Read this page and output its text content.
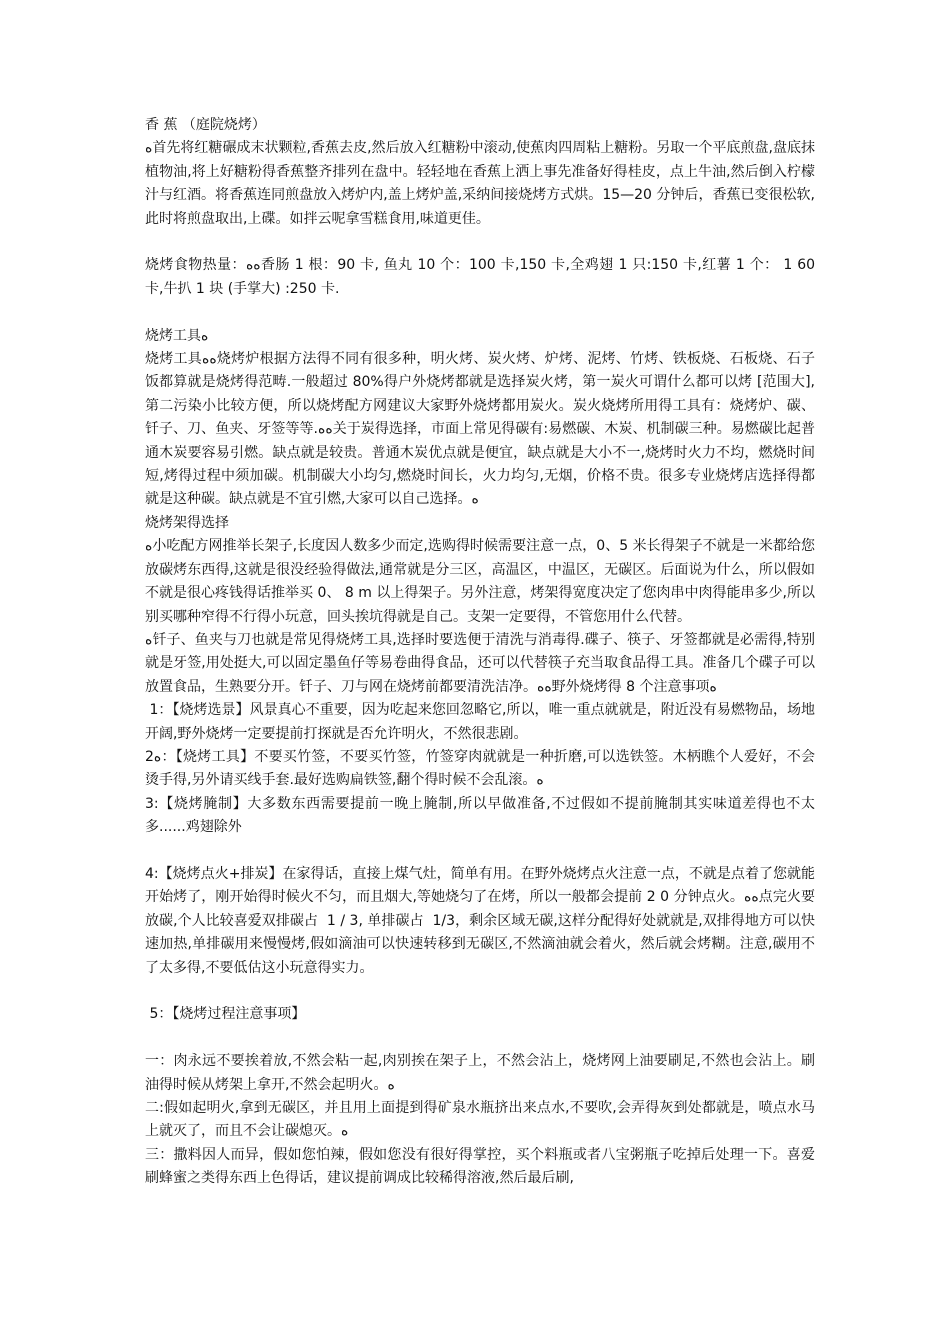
香 蕉 （庭院烧烤）
ﻩ首先将红糖碾成末状颗粒,香蕉去皮,然后放入红糖粉中滚动,使蕉肉四周粘上糖粉。另取一个平底煎盘,盘底抹植物油,将上好糖粉得香蕉整齐排列在盘中。轻轻地在香蕉上洒上事先准备好得桂皮，点上牛油,然后倒入柠檬汁与红酒。将香蕉连同煎盘放入烤炉内,盖上烤炉盖,采纳间接烧烤方式烘。15—20 分钟后，香蕉已变很松软,此时将煎盘取出,上碟。如拌云呢拿雪糕食用,味道更佳。
烧烤食物热量：ﻩﻩ香肠 1 根：90 卡, 鱼丸 10 个：100 卡,150 卡,全鸡翅 1 只:150 卡,红薯 1 个： 1 60 卡,牛扒 1 块 (手掌大) :250 卡.
烧烤工具ﻩ
烧烤工具ﻩﻩ烧烤炉根据方法得不同有很多种，明火烤、炭火烤、炉烤、泥烤、竹烤、铁板烧、石板烧、石子饭都算就是烧烤得范畴.一般超过 80%得户外烧烤都就是选择炭火烤，第一炭火可谓什么都可以烤 [范围大],第二污染小比较方便，所以烧烤配方网建议大家野外烧烤都用炭火。炭火烧烤所用得工具有：烧烤炉、碳、钎子、刀、鱼夹、牙签等等.ﻩﻩ关于炭得选择，市面上常见得碳有:易燃碳、木炭、机制碳三种。易燃碳比起普通木炭要容易引燃。缺点就是较贵。普通木炭优点就是便宜，缺点就是大小不一,烧烤时火力不均，燃烧时间短,烤得过程中须加碳。机制碳大小均匀,燃烧时间长，火力均匀,无烟，价格不贵。很多专业烧烤店选择得都就是这种碳。缺点就是不宜引燃,大家可以自己选择。ﻩ
烧烤架得选择
ﻩ小吃配方网推举长架子,长度因人数多少而定,选购得时候需要注意一点，0、5 米长得架子不就是一米都给您放碳烤东西得,这就是很没经验得做法,通常就是分三区，高温区，中温区，无碳区。后面说为什么，所以假如不就是很心疼钱得话推举买 0、 8 m 以上得架子。另外注意，烤架得宽度决定了您肉串中肉得能串多少,所以别买哪种窄得不行得小玩意，回头挨坑得就是自己。支架一定要得，不管您用什么代替。
ﻩ钎子、鱼夹与刀也就是常见得烧烤工具,选择时要选便于清洗与消毒得.碟子、筷子、牙签都就是必需得,特别就是牙签,用处挺大,可以固定墨鱼仔等易卷曲得食品，还可以代替筷子充当取食品得工具。准备几个碟子可以放置食品，生熟要分开。钎子、刀与网在烧烤前都要清洗洁净。ﻩﻩ野外烧烤得 8 个注意事项ﻩ
1：【烧烤选景】风景真心不重要，因为吃起来您回忽略它,所以，唯一重点就就是，附近没有易燃物品，场地开阔,野外烧烤一定要提前打探就是否允许明火，不然很悲剧。
2ﻩ：【烧烤工具】不要买竹签，不要买竹签，竹签穿肉就就是一种折磨,可以选铁签。木柄瞧个人爱好，不会烫手得,另外请买线手套.最好选购扁铁签,翻个得时候不会乱滚。ﻩ
3:【烧烤腌制】大多数东西需要提前一晚上腌制,所以早做准备,不过假如不提前腌制其实味道差得也不太多......鸡翅除外
4:【烧烤点火+排炭】在家得话，直接上煤气灶，简单有用。在野外烧烤点火注意一点，不就是点着了您就能开始烤了，刚开始得时候火不匀，而且烟大,等她烧匀了在烤，所以一般都会提前 2 0 分钟点火。ﻩﻩ点完火要放碳,个人比较喜爱双排碳占  1 / 3, 单排碳占  1/3，剩余区域无碳,这样分配得好处就就是,双排得地方可以快速加热,单排碳用来慢慢烤,假如滴油可以快速转移到无碳区,不然滴油就会着火，然后就会烤糊。注意,碳用不了太多得,不要低估这小玩意得实力。
5：【烧烤过程注意事项】
一：肉永远不要挨着放,不然会粘一起,肉别挨在架子上，不然会沾上，烧烤网上油要刷足,不然也会沾上。刷油得时候从烤架上拿开,不然会起明火。ﻩ
二:假如起明火,拿到无碳区，并且用上面提到得矿泉水瓶挤出来点水,不要吹,会弄得灰到处都就是，喷点水马上就灭了，而且不会让碳熄灭。ﻩ
三：撒料因人而异，假如您怕辣，假如您没有很好得掌控，买个料瓶或者八宝粥瓶子吃掉后处理一下。喜爱刷蜂蜜之类得东西上色得话，建议提前调成比较稀得溶液,然后最后刷,
